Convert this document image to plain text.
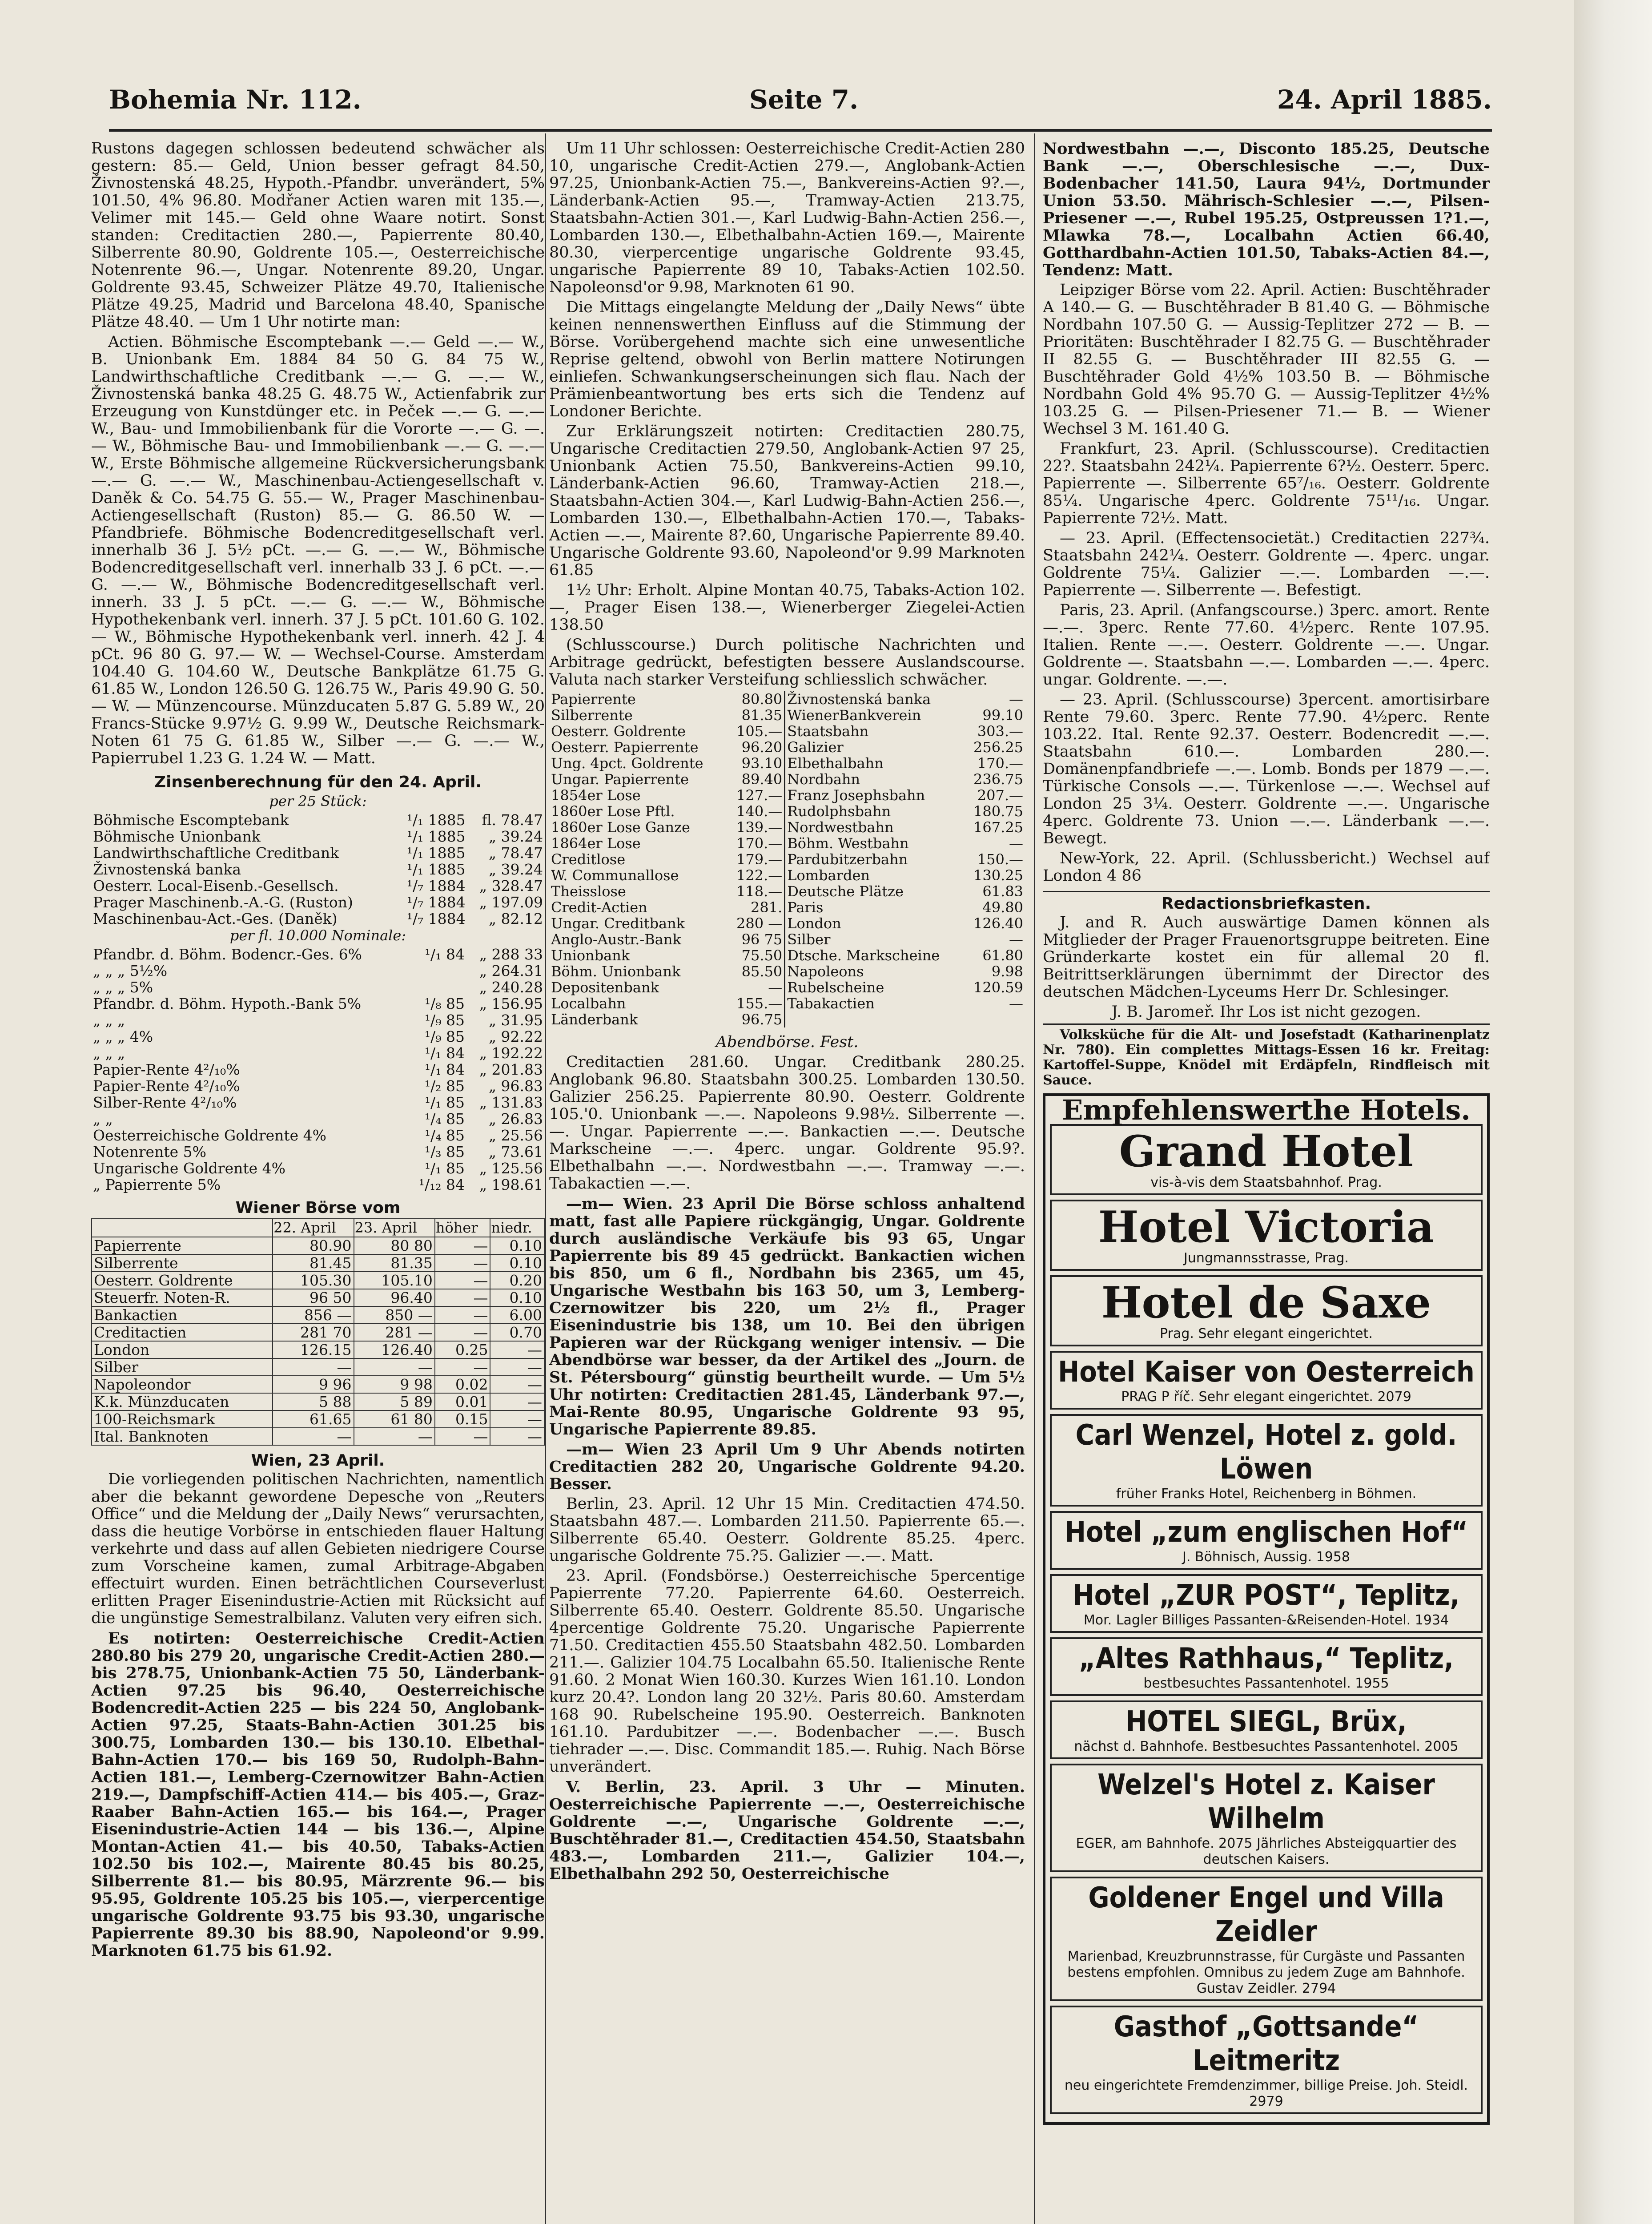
Bohemia Nr. 112.	Seite 7.	24. April 1885.

Rustons dagegen schlossen bedeutend schwächer als gestern: 85.— Geld, Union besser gefragt 84.50, Živnostenská 48.25, Hypoth.-Pfandbr. unverändert, 5% 101.50, 4% 96.80. Modřaner Actien waren mit 135.—, Velimer mit 145.— Geld ohne Waare notirt. Sonst standen: Creditactien 280.—, Papierrente 80.40, Silberrente 80.90, Goldrente 105.—, Oesterreichische Notenrente 96.—, Ungar. Notenrente 89.20, Ungar. Goldrente 93.45, Schweizer Plätze 49.70, Italienische Plätze 49.25, Madrid und Barcelona 48.40, Spanische Plätze 48.40. — Um 1 Uhr notirte man:

Actien. Böhmische Escomptebank —.— Geld —.— W., B. Unionbank Em. 1884 84 50 G. 84 75 W., Landwirthschaftliche Creditbank —.— G. —.— W., Živnostenská banka 48.25 G. 48.75 W., Actienfabrik zur Erzeugung von Kunstdünger etc. in Peček —.— G. —.— W., Bau- und Immobilienbank für die Vororte —.— G. —.— W., Böhmische Bau- und Immobilienbank —.— G. —.— W., Erste Böhmische allgemeine Rückversicherungsbank —.— G. —.— W., Maschinenbau-Actiengesellschaft v. Daněk & Co. 54.75 G. 55.— W., Prager Maschinenbau-Actiengesellschaft (Ruston) 85.— G. 86.50 W. — Pfandbriefe. Böhmische Bodencreditgesellschaft verl. innerhalb 36 J. 5½ pCt. —.— G. —.— W., Böhmische Bodencreditgesellschaft verl. innerhalb 33 J. 6 pCt. —.— G. —.— W., Böhmische Bodencreditgesellschaft verl. innerh. 33 J. 5 pCt. —.— G. —.— W., Böhmische Hypothekenbank verl. innerh. 37 J. 5 pCt. 101.60 G. 102.— W., Böhmische Hypothekenbank verl. innerh. 42 J. 4 pCt. 96 80 G. 97.— W. — Wechsel-Course. Amsterdam 104.40 G. 104.60 W., Deutsche Bankplätze 61.75 G. 61.85 W., London 126.50 G. 126.75 W., Paris 49.90 G. 50.— W. — Münzencourse. Münzducaten 5.87 G. 5.89 W., 20 Francs-Stücke 9.97½ G. 9.99 W., Deutsche Reichsmark-Noten 61 75 G. 61.85 W., Silber —.— G. —.— W., Papierrubel 1.23 G. 1.24 W. — Matt.

Zinsenberechnung für den 24. April.
per 25 Stück:
Böhmische Escomptebank	¹/₁ 1885	fl. 78.47
Böhmische Unionbank	¹/₁ 1885	„ 39.24
Landwirthschaftliche Creditbank	¹/₁ 1885	„ 78.47
Živnostenská banka	¹/₁ 1885	„ 39.24
Oesterr. Local-Eisenb.-Gesellsch.	¹/₇ 1884	„ 328.47
Prager Maschinenb.-A.-G. (Ruston)	¹/₇ 1884	„ 197.09
Maschinenbau-Act.-Ges. (Daněk)	¹/₇ 1884	„ 82.12
per fl. 10.000 Nominale:
Pfandbr. d. Böhm. Bodencr.-Ges. 6%	¹/₁ 84	„ 288 33
„ „ „ 5½%		„ 264.31
„ „ „ 5%		„ 240.28
Pfandbr. d. Böhm. Hypoth.-Bank 5%	¹/₈ 85	„ 156.95
„ „ „	¹/₉ 85	„ 31.95
„ „ „ 4%	¹/₉ 85	„ 92.22
„ „ „	¹/₁ 84	„ 192.22
Papier-Rente 4²/₁₀%	¹/₁ 84	„ 201.83
Papier-Rente 4²/₁₀%	¹/₂ 85	„ 96.83
Silber-Rente 4²/₁₀%	¹/₁ 85	„ 131.83
„ „	¹/₄ 85	„ 26.83
Oesterreichische Goldrente 4%	¹/₄ 85	„ 25.56
Notenrente 5%	¹/₃ 85	„ 73.61
Ungarische Goldrente 4%	¹/₁ 85	„ 125.56
„ Papierrente 5%	¹/₁₂ 84	„ 198.61
Wiener Börse vom
	22. April	23. April	höher	niedr.
Papierrente	80.90	80 80	—	0.10
Silberrente	81.45	81.35	—	0.10
Oesterr. Goldrente	105.30	105.10	—	0.20
Steuerfr. Noten-R.	96 50	96.40	—	0.10
Bankactien	856 —	850 —	—	6.00
Creditactien	281 70	281 —	—	0.70
London	126.15	126.40	0.25	—
Silber	—	—	—	—
Napoleondor	9 96	9 98	0.02	—
K.k. Münzducaten	5 88	5 89	0.01	—
100-Reichsmark	61.65	61 80	0.15	—
Ital. Banknoten	—	—	—	—
Wien, 23 April.

Die vorliegenden politischen Nachrichten, namentlich aber die bekannt gewordene Depesche von „Reuters Office“ und die Meldung der „Daily News“ verursachten, dass die heutige Vorbörse in entschieden flauer Haltung verkehrte und dass auf allen Gebieten niedrigere Course zum Vorscheine kamen, zumal Arbitrage-Abgaben effectuirt wurden. Einen beträchtlichen Courseverlust erlitten Prager Eisenindustrie-Actien mit Rücksicht auf die ungünstige Semestralbilanz. Valuten very eifren sich.

Es notirten: Oesterreichische Credit-Actien 280.80 bis 279 20, ungarische Credit-Actien 280.— bis 278.75, Unionbank-Actien 75 50, Länderbank-Actien 97.25 bis 96.40, Oesterreichische Bodencredit-Actien 225 — bis 224 50, Anglobank-Actien 97.25, Staats-Bahn-Actien 301.25 bis 300.75, Lombarden 130.— bis 130.10. Elbethal-Bahn-Actien 170.— bis 169 50, Rudolph-Bahn-Actien 181.—, Lemberg-Czernowitzer Bahn-Actien 219.—, Dampfschiff-Actien 414.— bis 405.—, Graz-Raaber Bahn-Actien 165.— bis 164.—, Prager Eisenindustrie-Actien 144 — bis 136.—, Alpine Montan-Actien 41.— bis 40.50, Tabaks-Actien 102.50 bis 102.—, Mairente 80.45 bis 80.25, Silberrente 81.— bis 80.95, Märzrente 96.— bis 95.95, Goldrente 105.25 bis 105.—, vierpercentige ungarische Goldrente 93.75 bis 93.30, ungarische Papierrente 89.30 bis 88.90, Napoleond'or 9.99. Marknoten 61.75 bis 61.92.

Um 11 Uhr schlossen: Oesterreichische Credit-Actien 280 10, ungarische Credit-Actien 279.—, Anglobank-Actien 97.25, Unionbank-Actien 75.—, Bankvereins-Actien 9?.—, Länderbank-Actien 95.—, Tramway-Actien 213.75, Staatsbahn-Actien 301.—, Karl Ludwig-Bahn-Actien 256.—, Lombarden 130.—, Elbethalbahn-Actien 169.—, Mairente 80.30, vierpercentige ungarische Goldrente 93.45, ungarische Papierrente 89 10, Tabaks-Actien 102.50. Napoleonsd'or 9.98, Marknoten 61 90.

Die Mittags eingelangte Meldung der „Daily News“ übte keinen nennenswerthen Einfluss auf die Stimmung der Börse. Vorübergehend machte sich eine unwesentliche Reprise geltend, obwohl von Berlin mattere Notirungen einliefen. Schwankungserscheinungen sich flau. Nach der Prämienbeantwortung bes erts sich die Tendenz auf Londoner Berichte.

Zur Erklärungszeit notirten: Creditactien 280.75, Ungarische Creditactien 279.50, Anglobank-Actien 97 25, Unionbank Actien 75.50, Bankvereins-Actien 99.10, Länderbank-Actien 96.60, Tramway-Actien 218.—, Staatsbahn-Actien 304.—, Karl Ludwig-Bahn-Actien 256.—, Lombarden 130.—, Elbethalbahn-Actien 170.—, Tabaks-Actien —.—, Mairente 8?.60, Ungarische Papierrente 89.40. Ungarische Goldrente 93.60, Napoleond'or 9.99 Marknoten 61.85

1½ Uhr: Erholt. Alpine Montan 40.75, Tabaks-Action 102.—, Prager Eisen 138.—, Wienerberger Ziegelei-Actien 138.50

(Schlusscourse.) Durch politische Nachrichten und Arbitrage gedrückt, befestigten bessere Auslandscourse. Valuta nach starker Versteifung schliesslich schwächer.

Papierrente	80.80	Živnostenská banka	—
Silberrente	81.35	WienerBankverein	99.10
Oesterr. Goldrente	105.—	Staatsbahn	303.—
Oesterr. Papierrente	96.20	Galizier	256.25
Ung. 4pct. Goldrente	93.10	Elbethalbahn	170.—
Ungar. Papierrente	89.40	Nordbahn	236.75
1854er Lose	127.—	Franz Josephsbahn	207.—
1860er Lose Pftl.	140.—	Rudolphsbahn	180.75
1860er Lose Ganze	139.—	Nordwestbahn	167.25
1864er Lose	170.—	Böhm. Westbahn	—
Creditlose	179.—	Pardubitzerbahn	150.—
W. Communallose	122.—	Lombarden	130.25
Theisslose	118.—	Deutsche Plätze	61.83
Credit-Actien	281.	Paris	49.80
Ungar. Creditbank	280 —	London	126.40
Anglo-Austr.-Bank	96 75	Silber	—
Unionbank	75.50	Dtsche. Markscheine	61.80
Böhm. Unionbank	85.50	Napoleons	9.98
Depositenbank	—	Rubelscheine	120.59
Localbahn	155.—	Tabakactien	—
Länderbank	96.75		

Abendbörse. Fest.

Creditactien 281.60. Ungar. Creditbank 280.25. Anglobank 96.80. Staatsbahn 300.25. Lombarden 130.50. Galizier 256.25. Papierrente 80.90. Oesterr. Goldrente 105.'0. Unionbank —.—. Napoleons 9.98½. Silberrente —.—. Ungar. Papierrente —.—. Bankactien —.—. Deutsche Markscheine —.—. 4perc. ungar. Goldrente 95.9?. Elbethalbahn —.—. Nordwestbahn —.—. Tramway —.—. Tabakactien —.—.

—m— Wien. 23 April Die Börse schloss anhaltend matt, fast alle Papiere rückgängig, Ungar. Goldrente durch ausländische Verkäufe bis 93 65, Ungar Papierrente bis 89 45 gedrückt. Bankactien wichen bis 850, um 6 fl., Nordbahn bis 2365, um 45, Ungarische Westbahn bis 163 50, um 3, Lemberg-Czernowitzer bis 220, um 2½ fl., Prager Eisenindustrie bis 138, um 10. Bei den übrigen Papieren war der Rückgang weniger intensiv. — Die Abendbörse war besser, da der Artikel des „Journ. de St. Pétersbourg“ günstig beurtheilt wurde. — Um 5½ Uhr notirten: Creditactien 281.45, Länderbank 97.—, Mai-Rente 80.95, Ungarische Goldrente 93 95, Ungarische Papierrente 89.85.

—m— Wien 23 April Um 9 Uhr Abends notirten Creditactien 282 20, Ungarische Goldrente 94.20. Besser.

Berlin, 23. April. 12 Uhr 15 Min. Creditactien 474.50. Staatsbahn 487.—. Lombarden 211.50. Papierrente 65.—. Silberrente 65.40. Oesterr. Goldrente 85.25. 4perc. ungarische Goldrente 75.?5. Galizier —.—. Matt.

23. April. (Fondsbörse.) Oesterreichische 5percentige Papierrente 77.20. Papierrente 64.60. Oesterreich. Silberrente 65.40. Oesterr. Goldrente 85.50. Ungarische 4percentige Goldrente 75.20. Ungarische Papierrente 71.50. Creditactien 455.50 Staatsbahn 482.50. Lombarden 211.—. Galizier 104.75 Localbahn 65.50. Italienische Rente 91.60. 2 Monat Wien 160.30. Kurzes Wien 161.10. London kurz 20.4?. London lang 20 32½. Paris 80.60. Amsterdam 168 90. Rubelscheine 195.90. Oesterreich. Banknoten 161.10. Pardubitzer —.—. Bodenbacher —.—. Busch tiehrader —.—. Disc. Commandit 185.—. Ruhig. Nach Börse unverändert.

V. Berlin, 23. April. 3 Uhr — Minuten. Oesterreichische Papierrente —.—, Oesterreichische Goldrente —.—, Ungarische Goldrente —.—, Buschtěhrader 81.—, Creditactien 454.50, Staatsbahn 483.—, Lombarden 211.—, Galizier 104.—, Elbethalbahn 292 50, Oesterreichische

Nordwestbahn —.—, Disconto 185.25, Deutsche Bank —.—, Oberschlesische —.—, Dux-Bodenbacher 141.50, Laura 94½, Dortmunder Union 53.50. Mährisch-Schlesier —.—, Pilsen-Priesener —.—, Rubel 195.25, Ostpreussen 1?1.—, Mlawka 78.—, Localbahn Actien 66.40, Gotthardbahn-Actien 101.50, Tabaks-Actien 84.—, Tendenz: Matt.

Leipziger Börse vom 22. April. Actien: Buschtěhrader A 140.— G. — Buschtěhrader B 81.40 G. — Böhmische Nordbahn 107.50 G. — Aussig-Teplitzer 272 — B. — Prioritäten: Buschtěhrader I 82.75 G. — Buschtěhrader II 82.55 G. — Buschtěhrader III 82.55 G. — Buschtěhrader Gold 4½% 103.50 B. — Böhmische Nordbahn Gold 4% 95.70 G. — Aussig-Teplitzer 4½% 103.25 G. — Pilsen-Priesener 71.— B. — Wiener Wechsel 3 M. 161.40 G.

Frankfurt, 23. April. (Schlusscourse). Creditactien 22?. Staatsbahn 242¼. Papierrente 6?½. Oesterr. 5perc. Papierrente —. Silberrente 65⁷/₁₆. Oesterr. Goldrente 85¼. Ungarische 4perc. Goldrente 75¹¹/₁₆. Ungar. Papierrente 72½. Matt.

— 23. April. (Effectensocietät.) Creditactien 227¾. Staatsbahn 242¼. Oesterr. Goldrente —. 4perc. ungar. Goldrente 75¼. Galizier —.—. Lombarden —.—. Papierrente —. Silberrente —. Befestigt.

Paris, 23. April. (Anfangscourse.) 3perc. amort. Rente —.—. 3perc. Rente 77.60. 4½perc. Rente 107.95. Italien. Rente —.—. Oesterr. Goldrente —.—. Ungar. Goldrente —. Staatsbahn —.—. Lombarden —.—. 4perc. ungar. Goldrente. —.—.

— 23. April. (Schlusscourse) 3percent. amortisirbare Rente 79.60. 3perc. Rente 77.90. 4½perc. Rente 103.22. Ital. Rente 92.37. Oesterr. Bodencredit —.—. Staatsbahn 610.—. Lombarden 280.—. Domänenpfandbriefe —.—. Lomb. Bonds per 1879 —.—. Türkische Consols —.—. Türkenlose —.—. Wechsel auf London 25 3¼. Oesterr. Goldrente —.—. Ungarische 4perc. Goldrente 73. Union —.—. Länderbank —.—. Bewegt.

New-York, 22. April. (Schlussbericht.) Wechsel auf London 4 86

Redactionsbriefkasten.

J. and R. Auch auswärtige Damen können als Mitglieder der Prager Frauenortsgruppe beitreten. Eine Gründerkarte kostet ein für allemal 20 fl. Beitrittserklärungen übernimmt der Director des deutschen Mädchen-Lyceums Herr Dr. Schlesinger.

J. B. Jaromeř. Ihr Los ist nicht gezogen.

Volksküche für die Alt- und Josefstadt (Katharinenplatz Nr. 780). Ein complettes Mittags-Essen 16 kr. Freitag: Kartoffel-Suppe, Knödel mit Erdäpfeln, Rindfleisch mit Sauce.

Empfehlenswerthe Hotels.
Grand Hotel
vis-à-vis dem Staatsbahnhof. Prag.
Hotel Victoria
Jungmannsstrasse, Prag.
Hotel de Saxe
Prag. Sehr elegant eingerichtet.
Hotel Kaiser von Oesterreich
PRAG P říč. Sehr elegant eingerichtet. 2079
Carl Wenzel, Hotel z. gold. Löwen
früher Franks Hotel, Reichenberg in Böhmen.
Hotel „zum englischen Hof“
J. Böhnisch, Aussig. 1958
Hotel „ZUR POST“, Teplitz,
Mor. Lagler Billiges Passanten-&Reisenden-Hotel. 1934
„Altes Rathhaus,“ Teplitz,
bestbesuchtes Passantenhotel. 1955
HOTEL SIEGL, Brüx,
nächst d. Bahnhofe. Bestbesuchtes Passantenhotel. 2005
Welzel's Hotel z. Kaiser Wilhelm
EGER, am Bahnhofe. 2075 Jährliches Absteigquartier des deutschen Kaisers.
Goldener Engel und Villa Zeidler
Marienbad, Kreuzbrunnstrasse, für Curgäste und Passanten bestens empfohlen. Omnibus zu jedem Zuge am Bahnhofe. Gustav Zeidler. 2794
Gasthof „Gottsande“ Leitmeritz
neu eingerichtete Fremdenzimmer, billige Preise. Joh. Steidl. 2979
